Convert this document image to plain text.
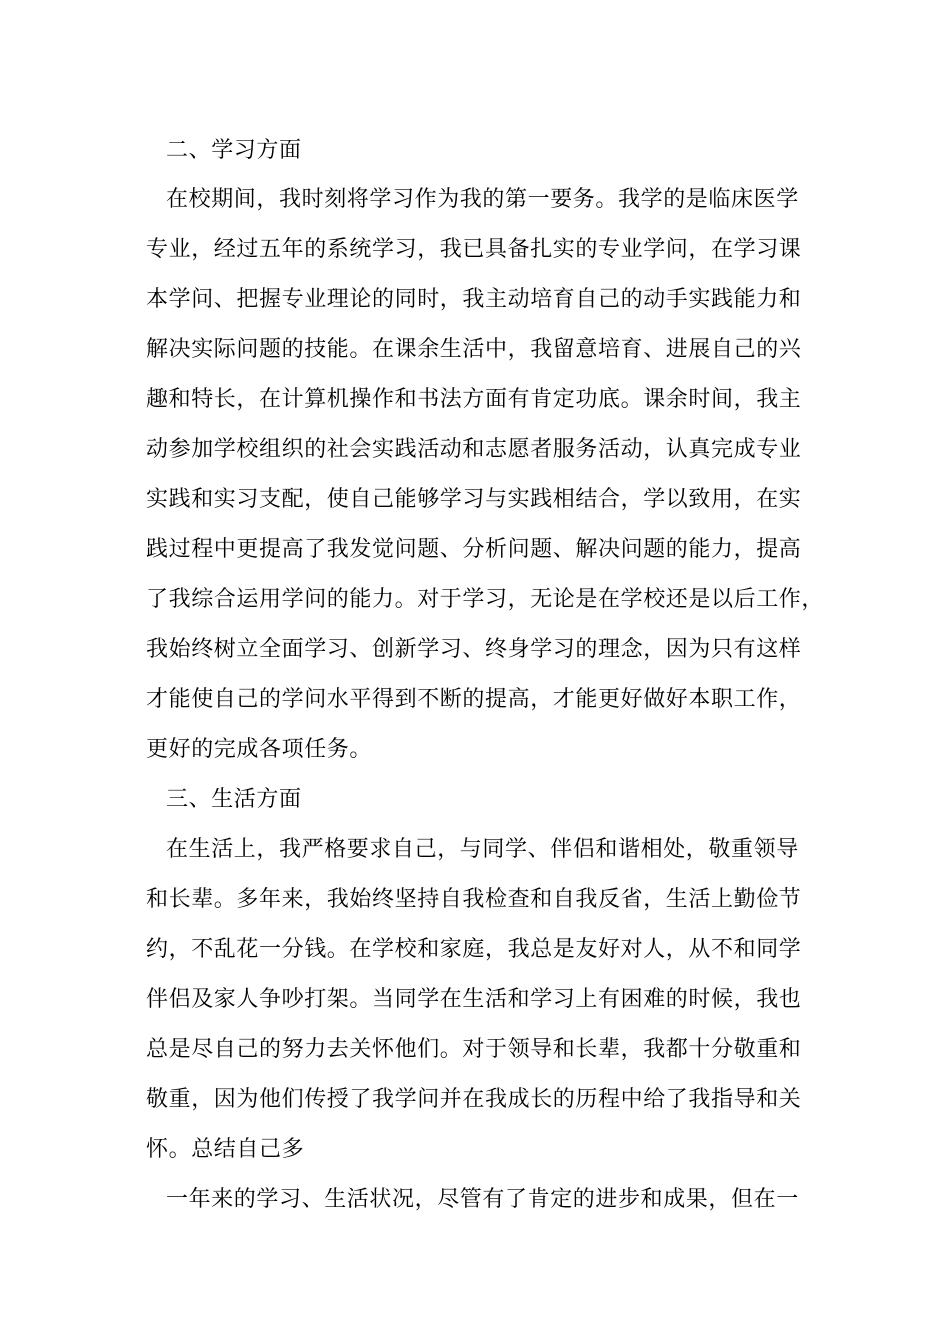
二、学习方面
在校期间，我时刻将学习作为我的第一要务。我学的是临床医学
专业，经过五年的系统学习，我已具备扎实的专业学问，在学习课
本学问、把握专业理论的同时，我主动培育自己的动手实践能力和
解决实际问题的技能。在课余生活中，我留意培育、进展自己的兴
趣和特长，在计算机操作和书法方面有肯定功底。课余时间，我主
动参加学校组织的社会实践活动和志愿者服务活动，认真完成专业
实践和实习支配，使自己能够学习与实践相结合，学以致用，在实
践过程中更提高了我发觉问题、分析问题、解决问题的能力，提高
了我综合运用学问的能力。对于学习，无论是在学校还是以后工作，
我始终树立全面学习、创新学习、终身学习的理念，因为只有这样
才能使自己的学问水平得到不断的提高，才能更好做好本职工作，
更好的完成各项任务。
三、生活方面
在生活上，我严格要求自己，与同学、伴侣和谐相处，敬重领导
和长辈。多年来，我始终坚持自我检查和自我反省，生活上勤俭节
约，不乱花一分钱。在学校和家庭，我总是友好对人，从不和同学
伴侣及家人争吵打架。当同学在生活和学习上有困难的时候，我也
总是尽自己的努力去关怀他们。对于领导和长辈，我都十分敬重和
敬重，因为他们传授了我学问并在我成长的历程中给了我指导和关
怀。总结自己多
一年来的学习、生活状况，尽管有了肯定的进步和成果，但在一
